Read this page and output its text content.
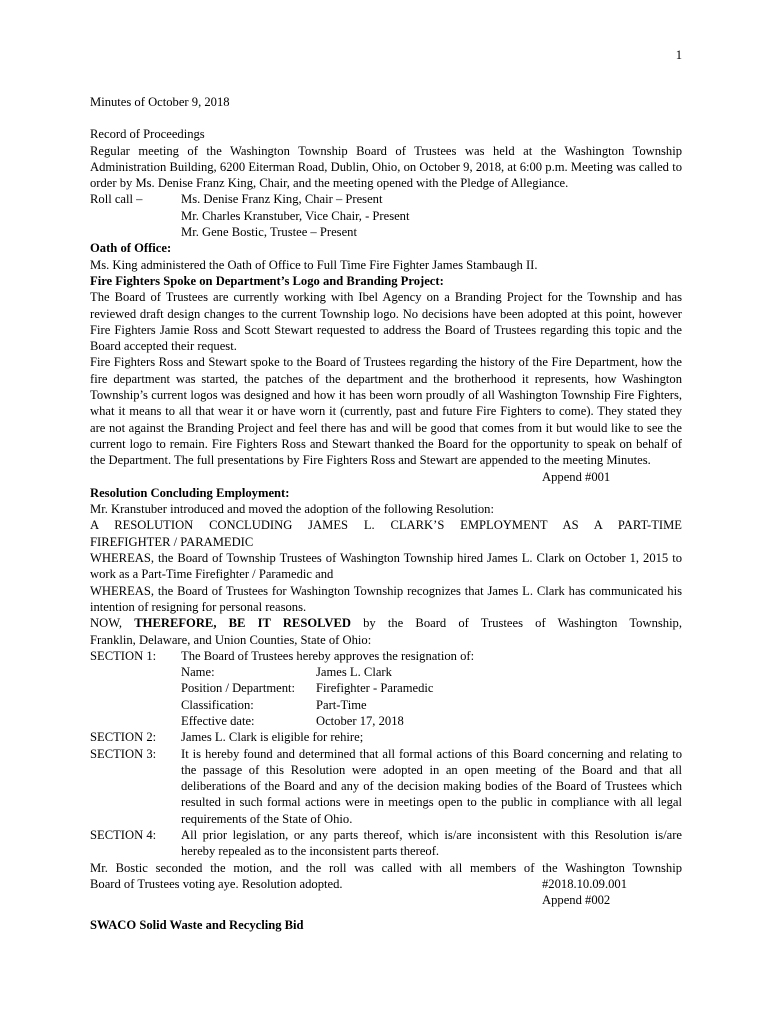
1

Minutes of October 9, 2018

Record of Proceedings

Regular meeting of the Washington Township Board of Trustees was held at the Washington Township Administration Building, 6200 Eiterman Road, Dublin, Ohio, on October 9, 2018, at 6:00 p.m. Meeting was called to order by Ms. Denise Franz King, Chair, and the meeting opened with the Pledge of Allegiance.

Roll call –	Ms. Denise Franz King, Chair – Present
Mr. Charles Kranstuber, Vice Chair, - Present
Mr. Gene Bostic, Trustee – Present

Oath of Office:

Ms. King administered the Oath of Office to Full Time Fire Fighter James Stambaugh II.

Fire Fighters Spoke on Department’s Logo and Branding Project:

The Board of Trustees are currently working with Ibel Agency on a Branding Project for the Township and has reviewed draft design changes to the current Township logo. No decisions have been adopted at this point, however Fire Fighters Jamie Ross and Scott Stewart requested to address the Board of Trustees regarding this topic and the Board accepted their request.

Fire Fighters Ross and Stewart spoke to the Board of Trustees regarding the history of the Fire Department, how the fire department was started, the patches of the department and the brotherhood it represents, how Washington Township’s current logos was designed and how it has been worn proudly of all Washington Township Fire Fighters, what it means to all that wear it or have worn it (currently, past and future Fire Fighters to come). They stated they are not against the Branding Project and feel there has and will be good that comes from it but would like to see the current logo to remain. Fire Fighters Ross and Stewart thanked the Board for the opportunity to speak on behalf of the Department. The full presentations by Fire Fighters Ross and Stewart are appended to the meeting Minutes.

Append #001

Resolution Concluding Employment:

Mr. Kranstuber introduced and moved the adoption of the following Resolution:

A RESOLUTION CONCLUDING JAMES L. CLARK’S EMPLOYMENT AS A PART-TIME

FIREFIGHTER / PARAMEDIC

WHEREAS, the Board of Township Trustees of Washington Township hired James L. Clark on October 1, 2015 to work as a Part-Time Firefighter / Paramedic and

WHEREAS, the Board of Trustees for Washington Township recognizes that James L. Clark has communicated his intention of resigning for personal reasons.

NOW, THEREFORE, BE IT RESOLVED by the Board of Trustees of Washington Township,

Franklin, Delaware, and Union Counties, State of Ohio:

SECTION 1:	The Board of Trustees hereby approves the resignation of:
Name:	James L. Clark
Position / Department:	Firefighter - Paramedic
Classification:	Part-Time
Effective date:	October 17, 2018
SECTION 2:	James L. Clark is eligible for rehire;
SECTION 3:	It is hereby found and determined that all formal actions of this Board concerning and relating to the passage of this Resolution were adopted in an open meeting of the Board and that all deliberations of the Board and any of the decision making bodies of the Board of Trustees which resulted in such formal actions were in meetings open to the public in compliance with all legal requirements of the State of Ohio.
SECTION 4:	All prior legislation, or any parts thereof, which is/are inconsistent with this Resolution is/are hereby repealed as to the inconsistent parts thereof.

Mr. Bostic seconded the motion, and the roll was called with all members of the Washington Township

Board of Trustees voting aye. Resolution adopted.	#2018.10.09.001
Append #002

SWACO Solid Waste and Recycling Bid
